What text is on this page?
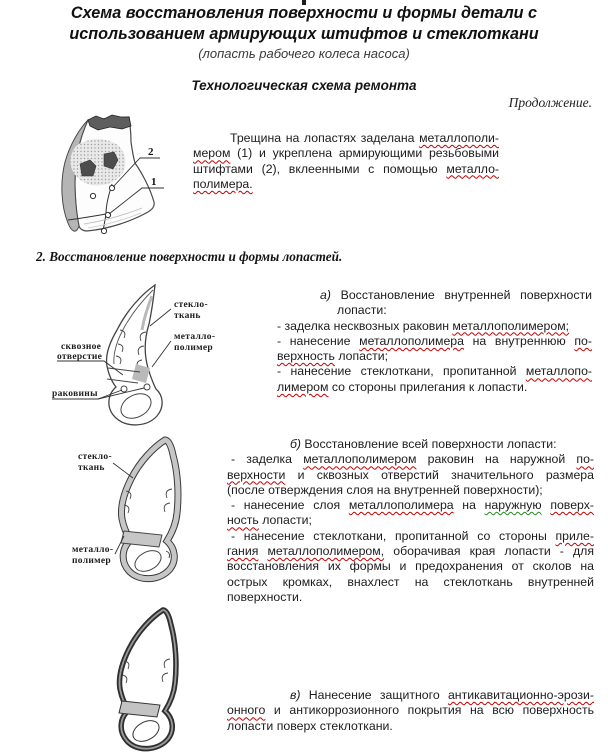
Схема восстановления поверхности и формы детали с
использованием армирующих штифтов и стеклоткани
(лопасть рабочего колеса насоса)
Технологическая схема ремонта
Продолжение.
2
1
Трещина на лопастях заделана металлополи-
мером (1) и укреплена армирующими резьбовыми
штифтами (2), вклеенными с помощью металло-
полимера.
2. Восстановление поверхности и формы лопастей.
стекло-
ткань
металло-
полимер
сквозное
отверстие
раковины
а) Восстановление внутренней поверхности
лопасти:
- заделка несквозных раковин металлополимером;
- нанесение металлополимера на внутреннюю по-
верхность лопасти;
- нанесение стеклоткани, пропитанной металлопо-
лимером со стороны прилегания к лопасти.
стекло-
ткань
металло-
полимер
б) Восстановление всей поверхности лопасти:
- заделка металлополимером раковин на наружной по-
верхности и сквозных отверстий значительного размера
(после отверждения слоя на внутренней поверхности);
- нанесение слоя металлополимера на наружную поверх-
ность лопасти;
- нанесение стеклоткани, пропитанной со стороны приле-
гания металлополимером, оборачивая края лопасти - для
восстановления их формы и предохранения от сколов на
острых кромках, внахлест на стеклоткань внутренней
поверхности.
в) Нанесение защитного антикавитационно-эрози-
онного и антикоррозионного покрытия на всю поверхность
лопасти поверх стеклоткани.
